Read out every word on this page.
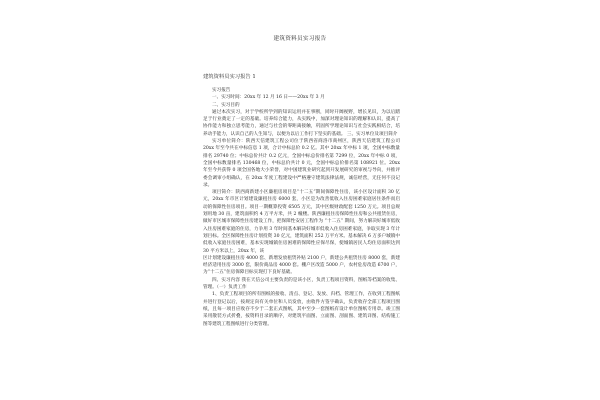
建筑资料员实习报告
建筑资料员实习报告 1

实习报告

一、实习时间：20xx 年 12 月 16 日——20xx 年 3 月

二、实习目的

通过本次实习，对于学校所学到的知识运用并在事断，同时开阔视野，增长见识，为以后踏足于行业奠定了一定的基础。培养综合能力，从实践中，加深对理论知识的理解和认识，提高了协作能力和独立思考能力，通过与社会的零距离接触，巩固所学理论知识与社会实践相结合，培养动手能力，认识自己的人生知与，以便为以后工作打下坚实的基础。 三、实习单位及项目简介

实习单位简介：陕西天信建筑工程公司位于陕西省商洛市商州区，陕西天信建筑工程公司 20xx 年至今共在中标信息 1 项，合计中标总价 0.2 亿。其中 20xx 年中标 1 项，全国中标数量排名 29740 位；中标总价共计 0.2 亿元，全国中标总价排名第 7299 位，20xx 年中标 0 项，全国中标数量排名 130468 位，中标总价共计 0 元，全国中标总价排名第 108921 位。20xx 年至今共获得 0 项全国各地大小荣誉，对中国建筑业研究起到开发展研究的审视与导向，并推评委会调审小组确认，在 20xx 年度工程建设中严格遵守建筑法律法规，诚信经营，无任何不良记录。

项目简介：陕西商新建小区廉租房项目是“十二五”期间保障性住房，该小区设计面积 30 亿元，20xx 年市区计划建设廉租住房 6000 套，小区是为改善低收入住房困难家庭居住条件而启动的保障性住房项目。项目一期概算投资 6505 万元，其中区级财政配套 1250 万元。项目总规划用地 30 亩，建筑面积约 4 万平方米，共 2 幢楼。陕西廉租住房保障性住房和公共租赁住房，做好市区城市保障性住房建设工作，把保障性安居工程作为 “十二五” 期间，努力解决好城市低收入住房困难家庭的住房，力争用 3 年时间基本解决好城市低收入住房困难家庭，争取实现 3 年计划目标。全区保障性住房计划投资 30 亿元，建筑面积 252 万平方米。基本解决 6 万多户城镇中低收入家庭住房困难，基本实现城镇住房困难的保障性应保尽保，使城镇居民人均住房面积达到 30 平方米以上，20xx 年，该

区计划建设廉租住房 4000 套、新增发放租赁补贴 2100 户，新建公共租赁住房 8000 套，新建经济适用住房 3000 套，限价商品房 4000 套。棚户区改造 5000 户，农村危房改造 6700 户，为“十二五”住房保障目标实现打下良好基础。

四、实习内容 我在天信公司主要负责的是该小区，负责工程项目资料，图纸等档案的收集、管理。（一）负责工作

1、负责工程项目的所有图纸的接收、清点、登记、发放、归档、管理工作，在收到工程图纸并进行登记以后，按规定向有关单位和人员发放，由收件方签字确认，负责收存全部工程项目图纸，且每一项目应收存不少于二套正式图纸，其中至少一套图纸有设计单位图纸专用章。竣工图采用散装方式折叠，按资料目录的顺序，对建筑平面图、立面图、剖面图、建筑详图、结构施工图等建筑工程图纸进行分类管理。
